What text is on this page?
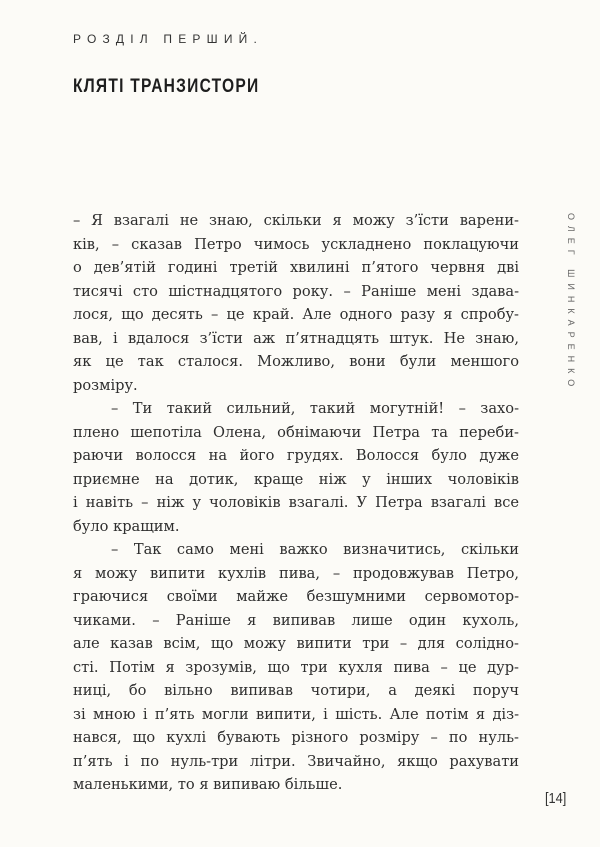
РОЗДІЛ ПЕРШИЙ.
КЛЯТІ ТРАНЗИСТОРИ
ОЛЕГ ШИНКАРЕНКО
– Я взагалі не знаю, скільки я можу з’їсти варени-
ків, – сказав Петро чимось ускладнено поклацуючи
о дев’ятій годині третій хвилині п’ятого червня дві
тисячі сто шістнадцятого року. – Раніше мені здава-
лося, що десять – це край. Але одного разу я спробу-
вав, і вдалося з’їсти аж п’ятнадцять штук. Не знаю,
як це так сталося. Можливо, вони були меншого
розміру.
– Ти такий сильний, такий могутній! – захо-
плено шепотіла Олена, обнімаючи Петра та переби-
раючи волосся на його грудях. Волосся було дуже
приємне на дотик, краще ніж у інших чоловіків
і навіть – ніж у чоловіків взагалі. У Петра взагалі все
було кращим.
– Так само мені важко визначитись, скільки
я можу випити кухлів пива, – продовжував Петро,
граючися своїми майже безшумними сервомотор-
чиками. – Раніше я випивав лише один кухоль,
але казав всім, що можу випити три – для солідно-
сті. Потім я зрозумів, що три кухля пива – це дур-
ниці, бо вільно випивав чотири, а деякі поруч
зі мною і п’ять могли випити, і шість. Але потім я діз-
нався, що кухлі бувають різного розміру – по нуль-
п’ять і по нуль-три літри. Звичайно, якщо рахувати
маленькими, то я випиваю більше.
[14]
